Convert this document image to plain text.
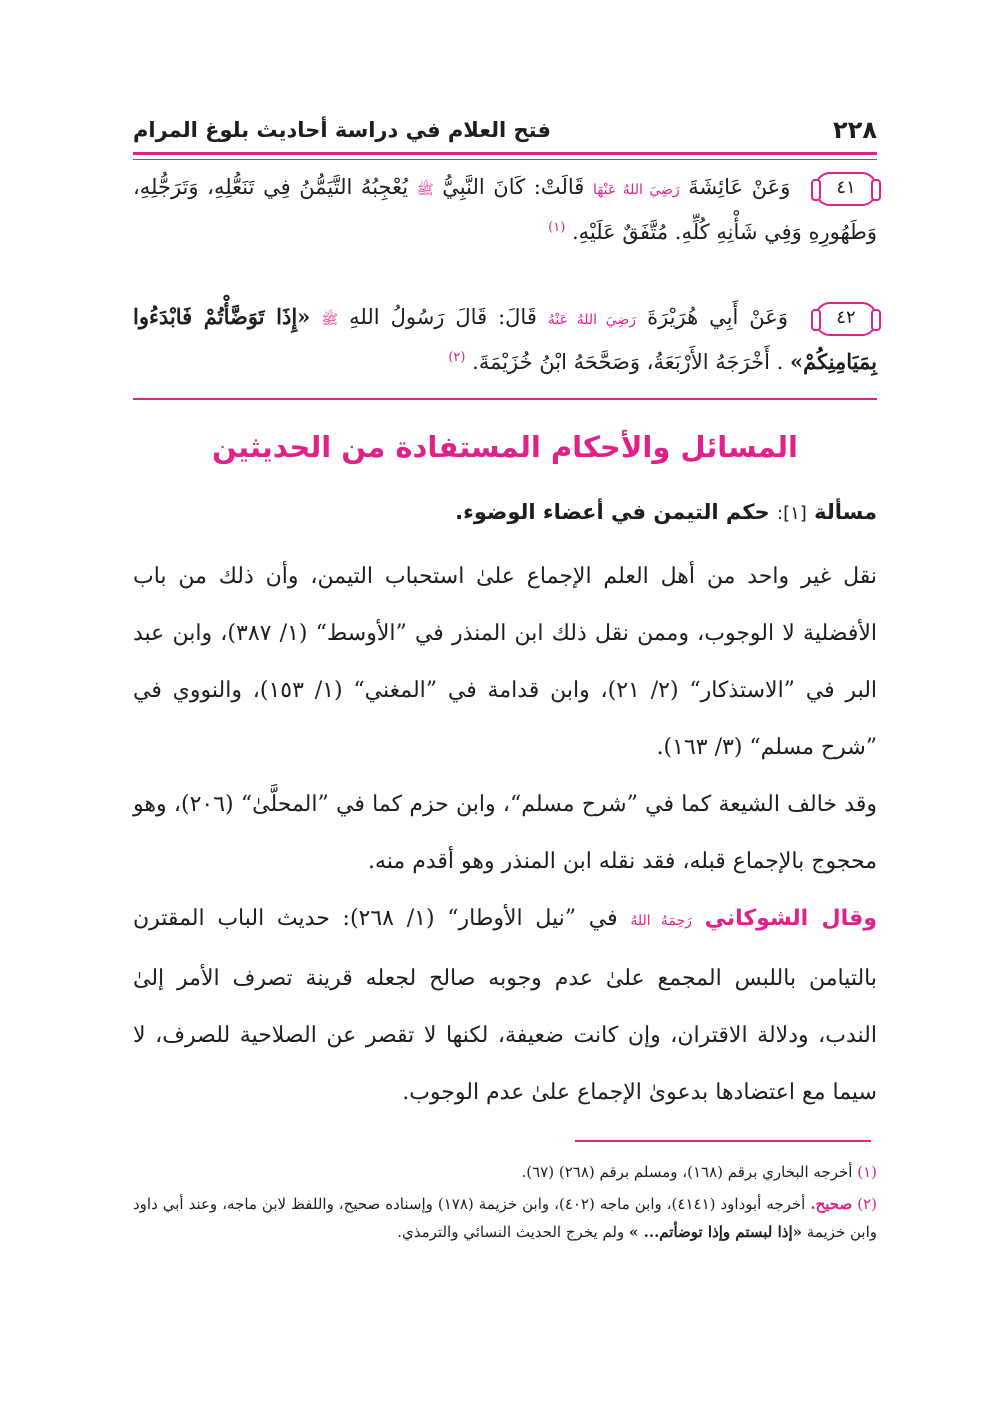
٢٢٨
فتح العلام في دراسة أحاديث بلوغ المرام
٤١ وَعَنْ عَائِشَةَ رَضِيَ اللهُ عَنْهَا قَالَتْ: كَانَ النَّبِيُّ ﷺ يُعْجِبُهُ التَّيَمُّنُ فِي تَنَعُّلِهِ، وَتَرَجُّلِهِ، وَطَهُورِهِ وَفِي شَأْنِهِ كُلِّهِ. مُتَّفَقٌ عَلَيْهِ. $^{(١)}$
٤٢ وَعَنْ أَبِي هُرَيْرَةَ رَضِيَ اللهُ عَنْهُ قَالَ: قَالَ رَسُولُ اللهِ ﷺ «إِذَا تَوَضَّأْتُمْ فَابْدَءُوا بِمَيَامِنِكُمْ» . أَخْرَجَهُ الأَرْبَعَةُ، وَصَحَّحَهُ ابْنُ خُزَيْمَةَ. $^{(٢)}$
المسائل والأحكام المستفادة من الحديثين
مسألة [١]: حكم التيمن في أعضاء الوضوء.
نقل غير واحد من أهل العلم الإجماع علىٰ استحباب التيمن، وأن ذلك من باب الأفضلية لا الوجوب، وممن نقل ذلك ابن المنذر في ”الأوسط“ (١/ ٣٨٧)، وابن عبد البر في ”الاستذكار“ (٢/ ٢١)، وابن قدامة في ”المغني“ (١/ ١٥٣)، والنووي في ”شرح مسلم“ (٣/ ١٦٣).
وقد خالف الشيعة كما في ”شرح مسلم“، وابن حزم كما في ”المحلَّىٰ“ (٢٠٦)، وهو محجوج بالإجماع قبله، فقد نقله ابن المنذر وهو أقدم منه.
وقال الشوكاني رَحِمَهُ اللهُ في ”نيل الأوطار“ (١/ ٢٦٨): حديث الباب المقترن بالتيامن باللبس المجمع علىٰ عدم وجوبه صالح لجعله قرينة تصرف الأمر إلىٰ الندب، ودلالة الاقتران، وإن كانت ضعيفة، لكنها لا تقصر عن الصلاحية للصرف، لا سيما مع اعتضادها بدعوىٰ الإجماع علىٰ عدم الوجوب.

(١) أخرجه البخاري برقم (١٦٨)، ومسلم برقم (٢٦٨) (٦٧).

(٢) صحيح. أخرجه أبوداود (٤١٤١)، وابن ماجه (٤٠٢)، وابن خزيمة (١٧٨) وإسناده صحيح، واللفظ لابن ماجه، وعند أبي داود وابن خزيمة «إذا لبستم وإذا توضأتم... » ولم يخرج الحديث النسائي والترمذي.
